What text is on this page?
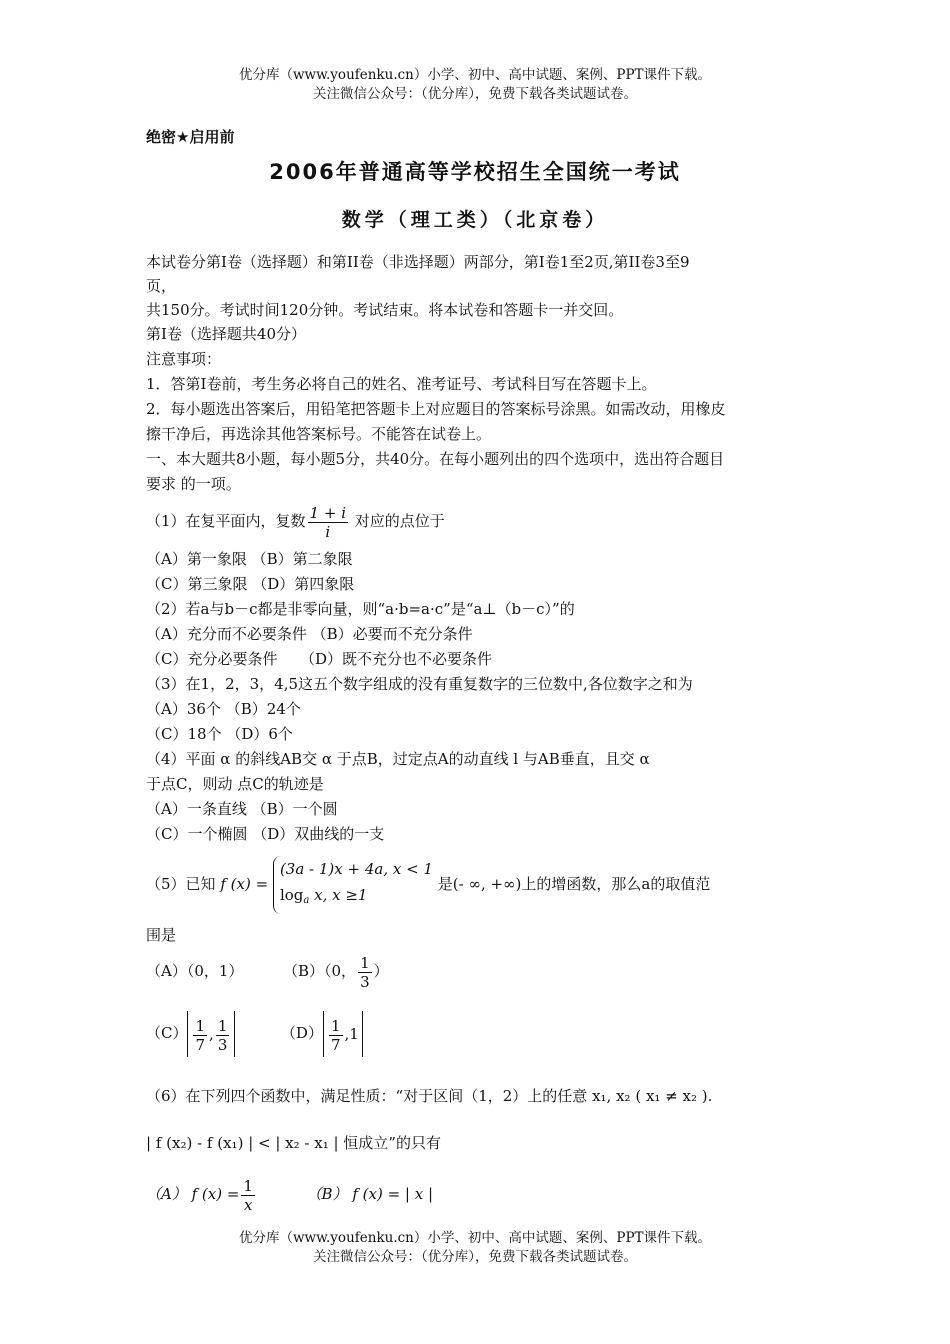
优分库（www.youfenku.cn）小学、初中、高中试题、案例、PPT课件下载。
关注微信公众号：（优分库），免费下载各类试题试卷。
绝密★启用前
2006年普通高等学校招生全国统一考试
数学（理工类）（北京卷）
本试卷分第I卷（选择题）和第II卷（非选择题）两部分，第I卷1至2页,第II卷3至9
页，
共150分。考试时间120分钟。考试结束。将本试卷和答题卡一并交回。
第I卷（选择题共40分）
注意事项：
1．答第I卷前，考生务必将自己的姓名、准考证号、考试科目写在答题卡上。
2．每小题选出答案后，用铅笔把答题卡上对应题目的答案标号涂黑。如需改动，用橡皮
擦干净后，再选涂其他答案标号。不能答在试卷上。
一、本大题共8小题，每小题5分，共40分。在每小题列出的四个选项中，选出符合题目
要求 的一项。
（1）在复平面内，复数 $\frac{1 + i}{i}$ 对应的点位于
（A）第一象限 （B）第二象限
（C）第三象限 （D）第四象限
（2）若a与b－c都是非零向量，则“a·b=a·c”是“a⊥（b－c）”的
（A）充分而不必要条件 （B）必要而不充分条件
（C）充分必要条件　　（D）既不充分也不必要条件
（3）在1，2，3，4,5这五个数字组成的没有重复数字的三位数中,各位数字之和为
（A）36个 （B）24个
（C）18个 （D）6个
（4）平面 α 的斜线AB交 α 于点B，过定点A的动直线 l 与AB垂直，且交 α
于点C，则动 点C的轨迹是
（A）一条直线 （B）一个圆
（C）一个椭圆 （D）双曲线的一支
（5）已知 f (x) =
(3a - 1)x + 4a, x < 1
$\log_a x$, x ≥1
是(- ∞, +∞)上的增函数，那么a的取值范
围是
（A）（0，1）	（B）（0， $\frac{1}{3}$ ）
$(C) \frac{1}{7}$ , $\frac{1}{3}$	$(D) \frac{1}{7} ,1$
（6）在下列四个函数中，满足性质：“对于区间（1，2）上的任意 x₁, x₂ ( x₁ ≠ x₂ ).
| f (x₂) - f (x₁) | < | x₂ - x₁ | 恒成立”的只有
（A） f $(x) = \frac{1}{x}$	（B） f (x) = | x |
优分库（www.youfenku.cn）小学、初中、高中试题、案例、PPT课件下载。
关注微信公众号：（优分库），免费下载各类试题试卷。
